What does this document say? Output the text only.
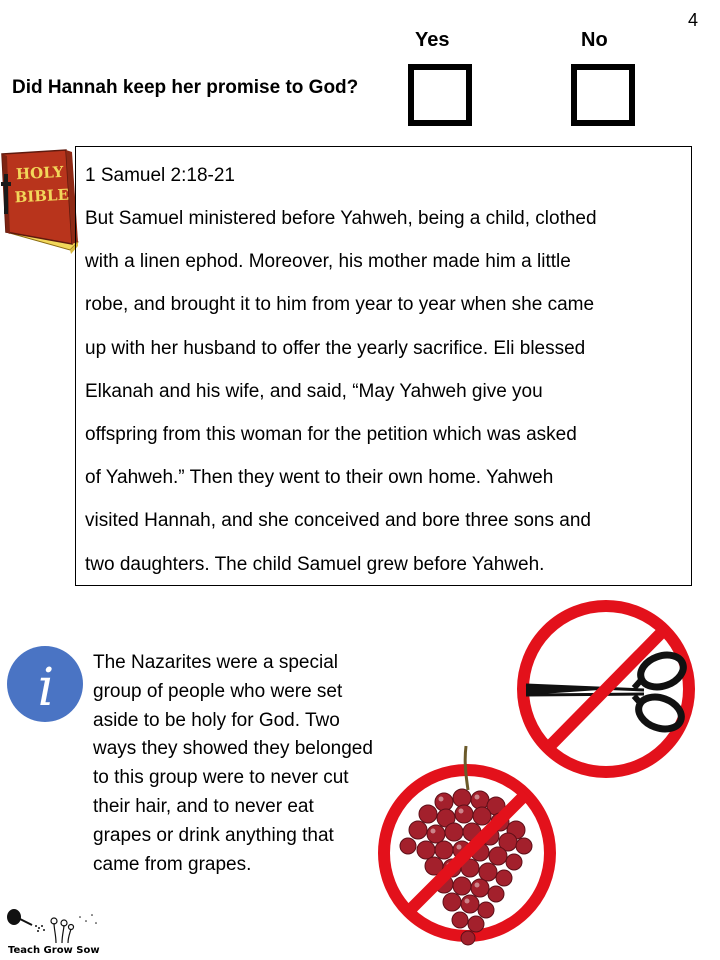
4
Yes	No
Did Hannah keep her promise to God?
HOLY
BIBLE
1 Samuel 2:18-21
But Samuel ministered before Yahweh, being a child, clothed
with a linen ephod. Moreover, his mother made him a little
robe, and brought it to him from year to year when she came
up with her husband to offer the yearly sacrifice. Eli blessed
Elkanah and his wife, and said, “May Yahweh give you
offspring from this woman for the petition which was asked
of Yahweh.” Then they went to their own home. Yahweh
visited Hannah, and she conceived and bore three sons and
two daughters. The child Samuel grew before Yahweh.
i The Nazarites were a special
group of people who were set
aside to be holy for God. Two
ways they showed they belonged
to this group were to never cut
their hair, and to never eat
grapes or drink anything that
came from grapes.
Teach Grow Sow
